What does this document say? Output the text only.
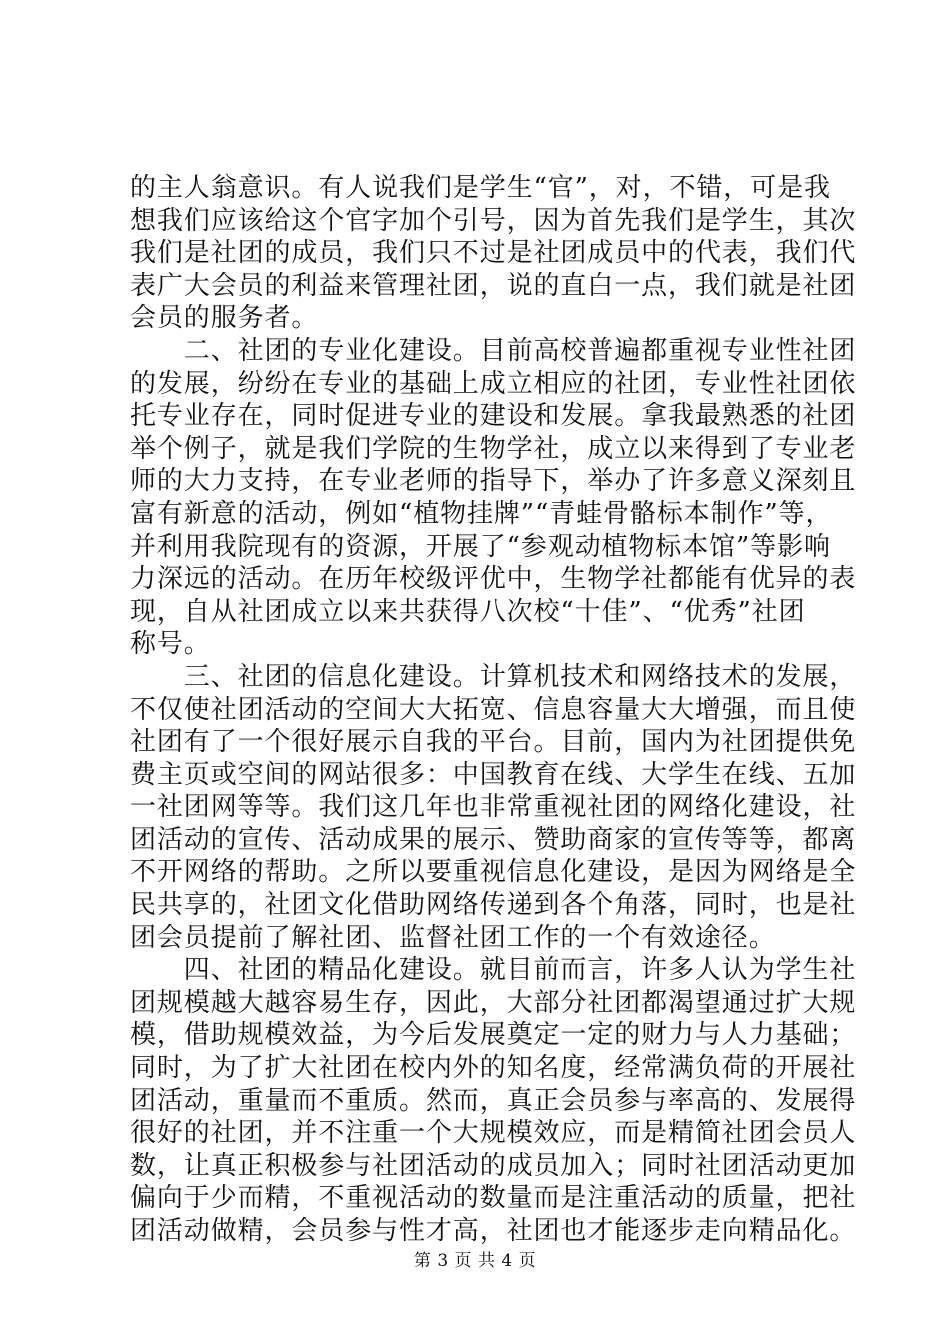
的主人翁意识。有人说我们是学生“官”，对，不错，可是我
想我们应该给这个官字加个引号，因为首先我们是学生，其次
我们是社团的成员，我们只不过是社团成员中的代表，我们代
表广大会员的利益来管理社团，说的直白一点，我们就是社团
会员的服务者。
　　二、社团的专业化建设。目前高校普遍都重视专业性社团
的发展，纷纷在专业的基础上成立相应的社团，专业性社团依
托专业存在，同时促进专业的建设和发展。拿我最熟悉的社团
举个例子，就是我们学院的生物学社，成立以来得到了专业老
师的大力支持，在专业老师的指导下，举办了许多意义深刻且
富有新意的活动，例如“植物挂牌”“青蛙骨骼标本制作”等，
并利用我院现有的资源，开展了“参观动植物标本馆”等影响
力深远的活动。在历年校级评优中，生物学社都能有优异的表
现，自从社团成立以来共获得八次校“十佳”、“优秀”社团
称号。
　　三、社团的信息化建设。计算机技术和网络技术的发展，
不仅使社团活动的空间大大拓宽、信息容量大大增强，而且使
社团有了一个很好展示自我的平台。目前，国内为社团提供免
费主页或空间的网站很多：中国教育在线、大学生在线、五加
一社团网等等。我们这几年也非常重视社团的网络化建设，社
团活动的宣传、活动成果的展示、赞助商家的宣传等等，都离
不开网络的帮助。之所以要重视信息化建设，是因为网络是全
民共享的，社团文化借助网络传递到各个角落，同时，也是社
团会员提前了解社团、监督社团工作的一个有效途径。
　　四、社团的精品化建设。就目前而言，许多人认为学生社
团规模越大越容易生存，因此，大部分社团都渴望通过扩大规
模，借助规模效益，为今后发展奠定一定的财力与人力基础；
同时，为了扩大社团在校内外的知名度，经常满负荷的开展社
团活动，重量而不重质。然而，真正会员参与率高的、发展得
很好的社团，并不注重一个大规模效应，而是精简社团会员人
数，让真正积极参与社团活动的成员加入；同时社团活动更加
偏向于少而精，不重视活动的数量而是注重活动的质量，把社
团活动做精，会员参与性才高，社团也才能逐步走向精品化。
第 3 页 共 4 页
